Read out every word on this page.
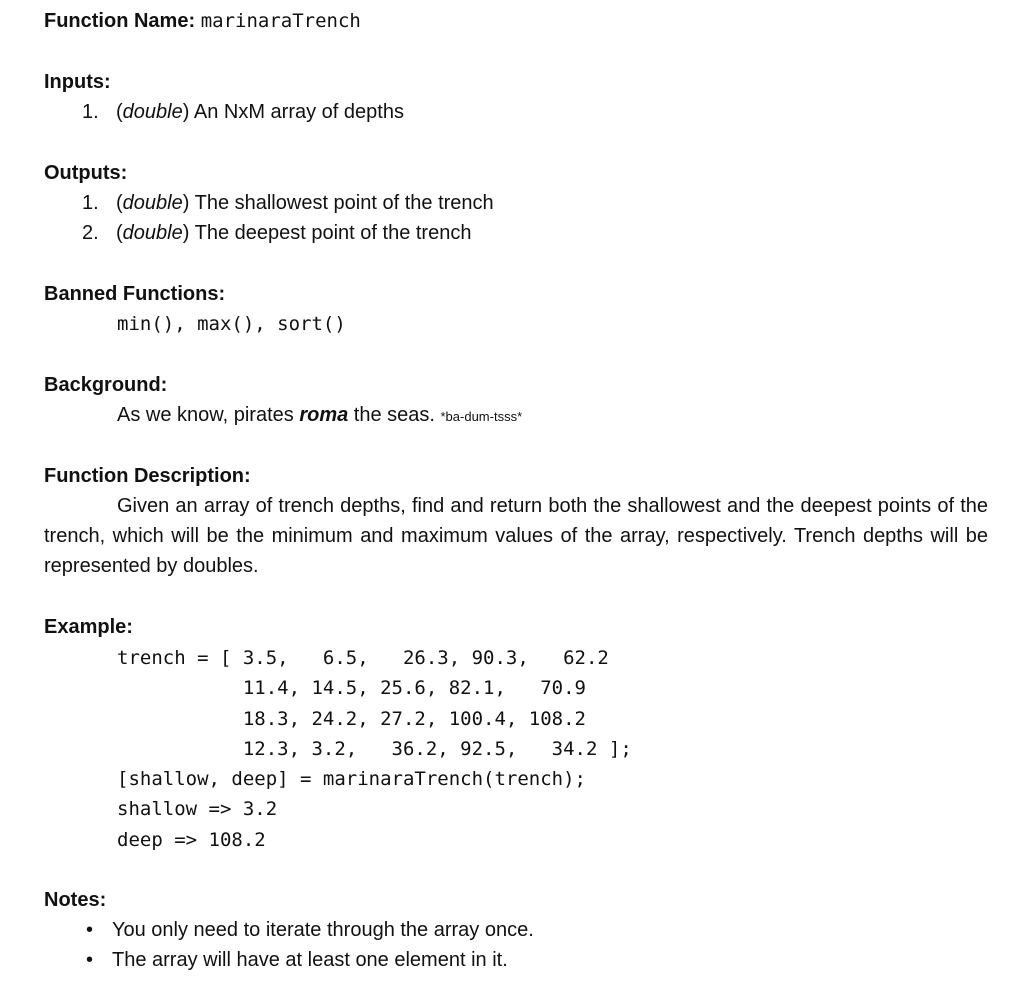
Function Name: marinaraTrench
Inputs:
1. (double) An NxM array of depths
Outputs:
1. (double) The shallowest point of the trench
2. (double) The deepest point of the trench
Banned Functions:
min(), max(), sort()
Background:
As we know, pirates roma the seas. *ba-dum-tsss*
Function Description:
Given an array of trench depths, find and return both the shallowest and the deepest points of the trench, which will be the minimum and maximum values of the array, respectively. Trench depths will be represented by doubles.
Example:
trench = [ 3.5,   6.5,   26.3, 90.3,   62.2
11.4, 14.5, 25.6, 82.1,   70.9
18.3, 24.2, 27.2, 100.4, 108.2
12.3, 3.2,   36.2, 92.5,   34.2 ];
[shallow, deep] = marinaraTrench(trench);
shallow => 3.2
deep => 108.2
Notes:
• You only need to iterate through the array once.
• The array will have at least one element in it.
